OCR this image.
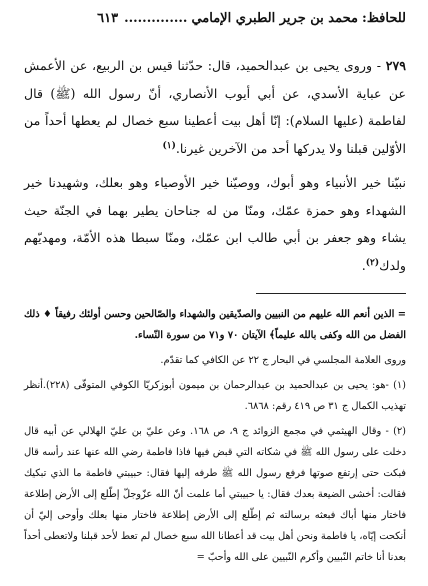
للحافظ:
محمد بن جرير الطبري الإمامي
..............
٦١٣

٢٧٩ - وروى يحيى بن عبدالحميد، قال: حدّثنا قيس بن الربيع، عن الأعمش عن عباية الأسدي، عن أبي أيوب الأنصاري، أنّ رسول الله (ﷺ) قال لفاطمة (عليها السلام): إنّا أهل بيت أعطينا سبع خصال لم يعطها أحداً من الأوّلين قبلنا ولا يدركها أحد من الآخرين غيرنا.$^{(١)}$

نبيّنا خير الأنبياء وهو أبوك، ووصيّنا خير الأوصياء وهو بعلك، وشهيدنا خير الشهداء وهو حمزة عمّك، ومنّا من له جناحان يطير بهما في الجنّة حيث يشاء وهو جعفر بن أبي طالب ابن عمّك، ومنّا سبطا هذه الأمّة، ومهديّهم ولدك$^{(٢)}$.

= الذين أنعم الله عليهم من النبيين والصدّيقين والشهداء والصّالحين وحسن أولئك رفيقاً ♦ ذلك الفضل من الله وكفى بالله عليماً﴾ الآيتان ٧٠ و٧١ من سورة النّساء.

وروى العلامة المجلسي في البحار ج ٢٢ عن الكافي كما تقدّم.

(١) -هو: يحيى بن عبدالحميد بن عبدالرحمان بن ميمون أبوزكريّا الكوفي المتوفّى (٢٢٨).أنظر تهذيب الكمال ج ٣١ ص ٤١٩ رقم: ٦٨٦٨.

(٢) - وقال الهيثمي في مجمع الزوائد ج ٩، ص ١٦٨. وعن عليّ بن عليّ الهلالي عن أبيه قال دخلت على رسول الله ﷺ في شكاته التي قبض فيها فاذا فاطمة رضي الله عنها عند رأسه قال فبكت حتى إرتفع صوتها فرفع رسول الله ﷺ طرفه إليها فقال: حبيبتي فاطمة ما الذي تبكيك فقالت: أخشى الضيعة بعدك فقال: يا حبيبتي أما علمت أنّ الله عزّوجلّ إطّلع إلى الأرض إطلاعة فاختار منها أباك فبعثه برسالته ثم إطّلع إلى الأرض إطلاعة فاختار منها بعلك وأوحى إليّ أن أنكحت إيّاه، يا فاطمة ونحن أهل بيت قد أعطانا الله سبع خصال لم تعط لأحد قبلنا ولاتعطى أحداً بعدنا أنا خاتم النّبيين وأكرم النّبيين على الله وأحبّ =
